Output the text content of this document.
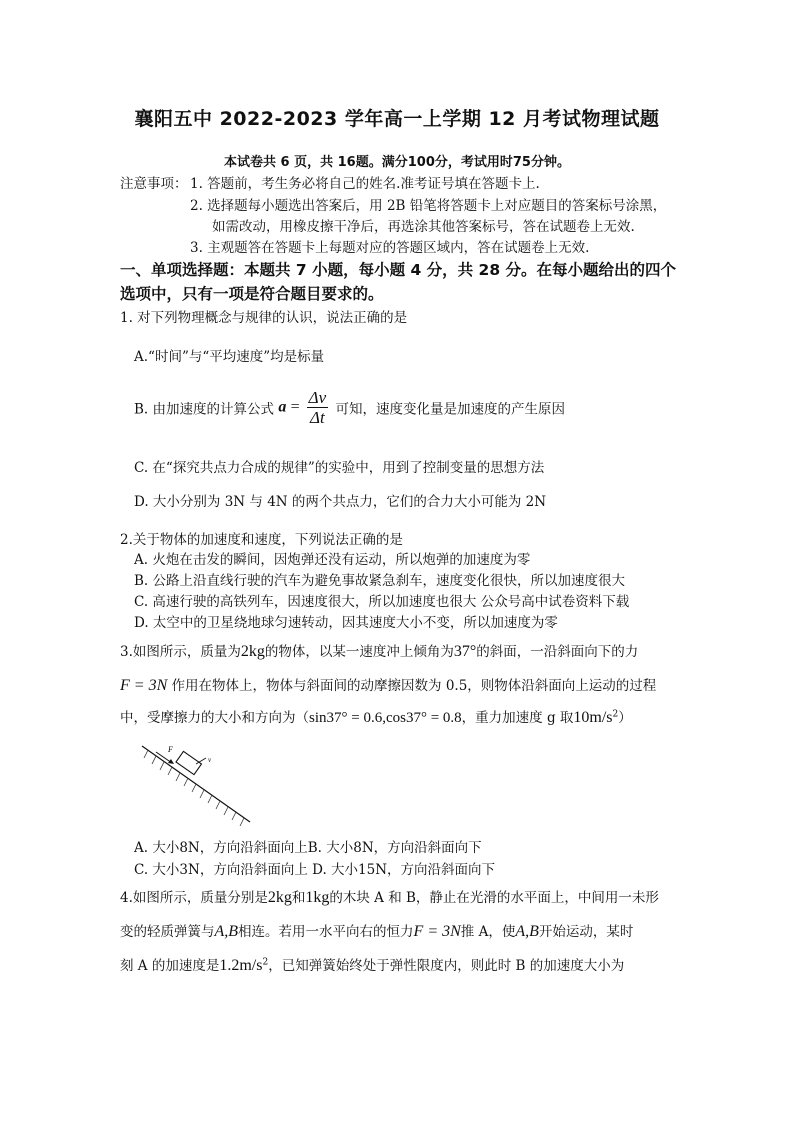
襄阳五中 2022-2023 学年高一上学期 12 月考试物理试题
本试卷共 6 页，共 16题。满分100分，考试用时75分钟。
注意事项： 1. 答题前，考生务必将自己的姓名.准考证号填在答题卡上.
2. 选择题每小题选出答案后，用 2B 铅笔将答题卡上对应题目的答案标号涂黑，
如需改动，用橡皮擦干净后，再选涂其他答案标号，答在试题卷上无效.
3. 主观题答在答题卡上每题对应的答题区域内，答在试题卷上无效.
一、单项选择题：本题共 7 小题，每小题 4 分，共 28 分。在每小题给出的四个
选项中，只有一项是符合题目要求的。
1. 对下列物理概念与规律的认识，说法正确的是
A.“时间”与“平均速度”均是标量
B. 由加速度的计算公式 $a = \frac{\Delta v}{\Delta t}$ 可知，速度变化量是加速度的产生原因
C. 在“探究共点力合成的规律”的实验中，用到了控制变量的思想方法
D. 大小分别为 3N 与 4N 的两个共点力，它们的合力大小可能为 2N
2.关于物体的加速度和速度，下列说法正确的是
A. 火炮在击发的瞬间，因炮弹还没有运动，所以炮弹的加速度为零
B. 公路上沿直线行驶的汽车为避免事故紧急刹车，速度变化很快，所以加速度很大
C. 高速行驶的高铁列车，因速度很大，所以加速度也很大 公众号高中试卷资料下载
D. 太空中的卫星绕地球匀速转动，因其速度大小不变，所以加速度为零
3.如图所示，质量为2kg的物体，以某一速度冲上倾角为37°的斜面，一沿斜面向下的力
F = 3N 作用在物体上，物体与斜面间的动摩擦因数为 0.5，则物体沿斜面向上运动的过程
中，受摩擦力的大小和方向为（sin37° = 0.6,cos37° = 0.8，重力加速度 g 取$10m/s^2$）
F
v
A. 大小8N，方向沿斜面向上B. 大小8N，方向沿斜面向下
C. 大小3N，方向沿斜面向上 D. 大小15N，方向沿斜面向下
4.如图所示，质量分别是2kg和1kg的木块 A 和 B，静止在光滑的水平面上，中间用一未形
变的轻质弹簧与A,B相连。若用一水平向右的恒力F = 3N推 A，使A,B开始运动，某时
刻 A 的加速度是$1.2m/s^2$，已知弹簧始终处于弹性限度内，则此时 B 的加速度大小为
